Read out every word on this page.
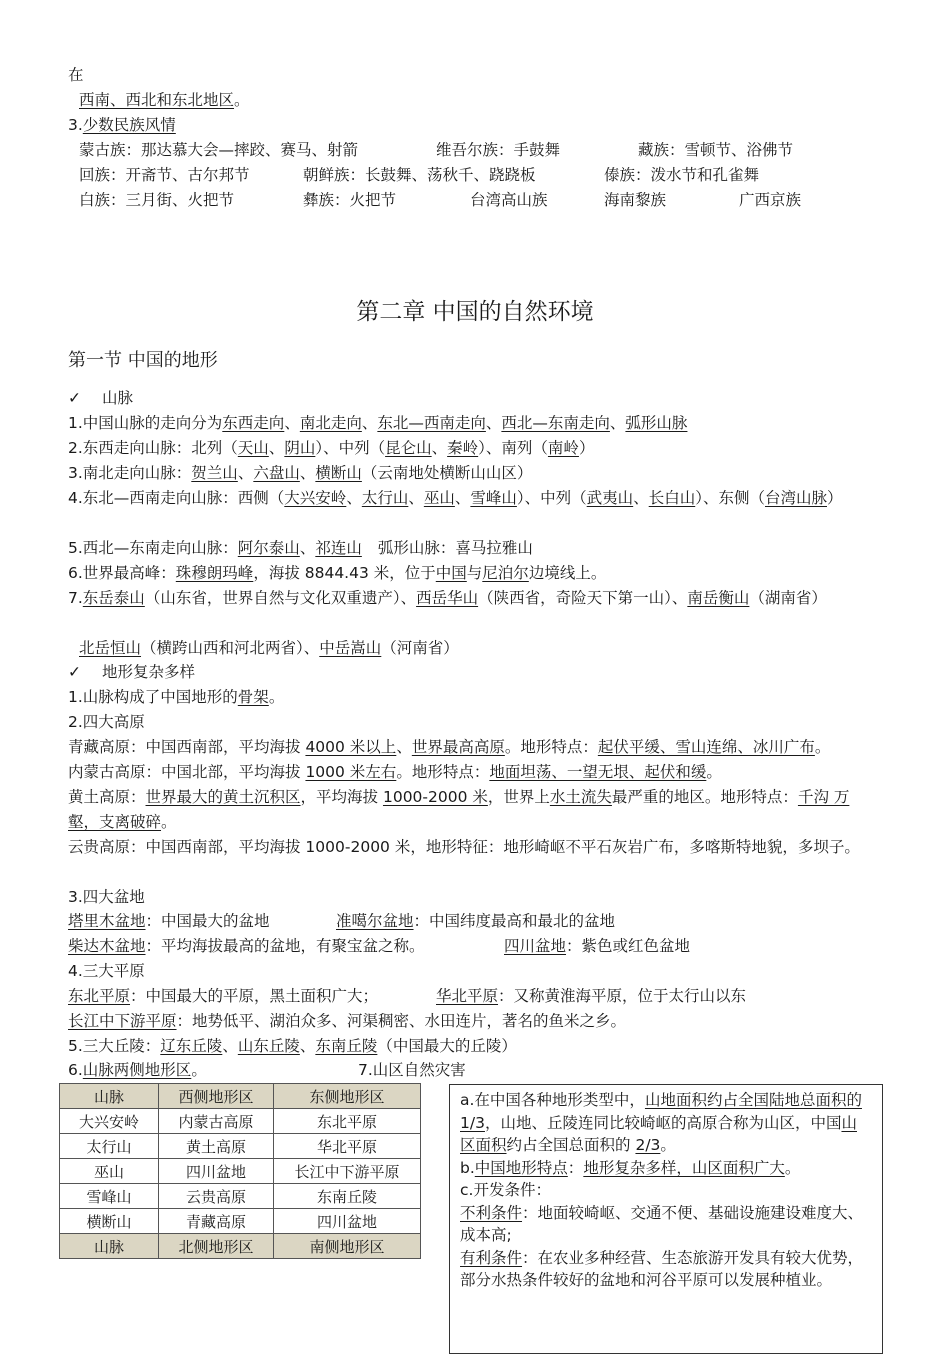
在
西南、西北和东北地区。
3.少数民族风情
蒙古族：那达慕大会—摔跤、赛马、射箭	维吾尔族：手鼓舞	藏族：雪顿节、浴佛节
回族：开斋节、古尔邦节	朝鲜族：长鼓舞、荡秋千、跷跷板	傣族：泼水节和孔雀舞
白族：三月街、火把节	彝族：火把节	台湾高山族	海南黎族	广西京族
第二章 中国的自然环境
第一节 中国的地形
✓ 山脉
1.中国山脉的走向分为东西走向、南北走向、东北—西南走向、西北—东南走向、弧形山脉
2.东西走向山脉：北列（天山、阴山）、中列（昆仑山、秦岭）、南列（南岭）
3.南北走向山脉：贺兰山、六盘山、横断山（云南地处横断山山区）
4.东北—西南走向山脉：西侧（大兴安岭、太行山、巫山、雪峰山）、中列（武夷山、长白山）、东侧（台湾山脉）
5.西北—东南走向山脉：阿尔泰山、祁连山 弧形山脉：喜马拉雅山
6.世界最高峰：珠穆朗玛峰，海拔 8844.43 米，位于中国与尼泊尔边境线上。
7.东岳泰山（山东省，世界自然与文化双重遗产）、西岳华山（陕西省，奇险天下第一山）、南岳衡山（湖南省）
北岳恒山（横跨山西和河北两省）、中岳嵩山（河南省）
✓ 地形复杂多样
1.山脉构成了中国地形的骨架。
2.四大高原
青藏高原：中国西南部，平均海拔 4000 米以上、世界最高高原。地形特点：起伏平缓、雪山连绵、冰川广布。
内蒙古高原：中国北部，平均海拔 1000 米左右。地形特点：地面坦荡、一望无垠、起伏和缓。
黄土高原：世界最大的黄土沉积区，平均海拔 1000-2000 米，世界上水土流失最严重的地区。地形特点：千沟 万壑，支离破碎。
云贵高原：中国西南部，平均海拔 1000-2000 米，地形特征：地形崎岖不平石灰岩广布，多喀斯特地貌，多坝子。
3.四大盆地
塔里木盆地：中国最大的盆地	准噶尔盆地：中国纬度最高和最北的盆地
柴达木盆地：平均海拔最高的盆地，有聚宝盆之称。	四川盆地：紫色或红色盆地
4.三大平原
东北平原：中国最大的平原，黑土面积广大；	华北平原：又称黄淮海平原，位于太行山以东
长江中下游平原：地势低平、湖泊众多、河渠稠密、水田连片，著名的鱼米之乡。
5.三大丘陵：辽东丘陵、山东丘陵、东南丘陵（中国最大的丘陵）
6.山脉两侧地形区。	7.山区自然灾害
山脉	西侧地形区	东侧地形区
大兴安岭	内蒙古高原	东北平原
太行山	黄土高原	华北平原
巫山	四川盆地	长江中下游平原
雪峰山	云贵高原	东南丘陵
横断山	青藏高原	四川盆地
山脉	北侧地形区	南侧地形区

a.在中国各种地形类型中，山地面积约占全国陆地总面积的 1/3，山地、丘陵连同比较崎岖的高原合称为山区，中国山区面积约占全国总面积的 2/3。

b.中国地形特点：地形复杂多样，山区面积广大。

c.开发条件：

不利条件：地面较崎岖、交通不便、基础设施建设难度大、成本高;

有利条件：在农业多种经营、生态旅游开发具有较大优势，部分水热条件较好的盆地和河谷平原可以发展种植业。
